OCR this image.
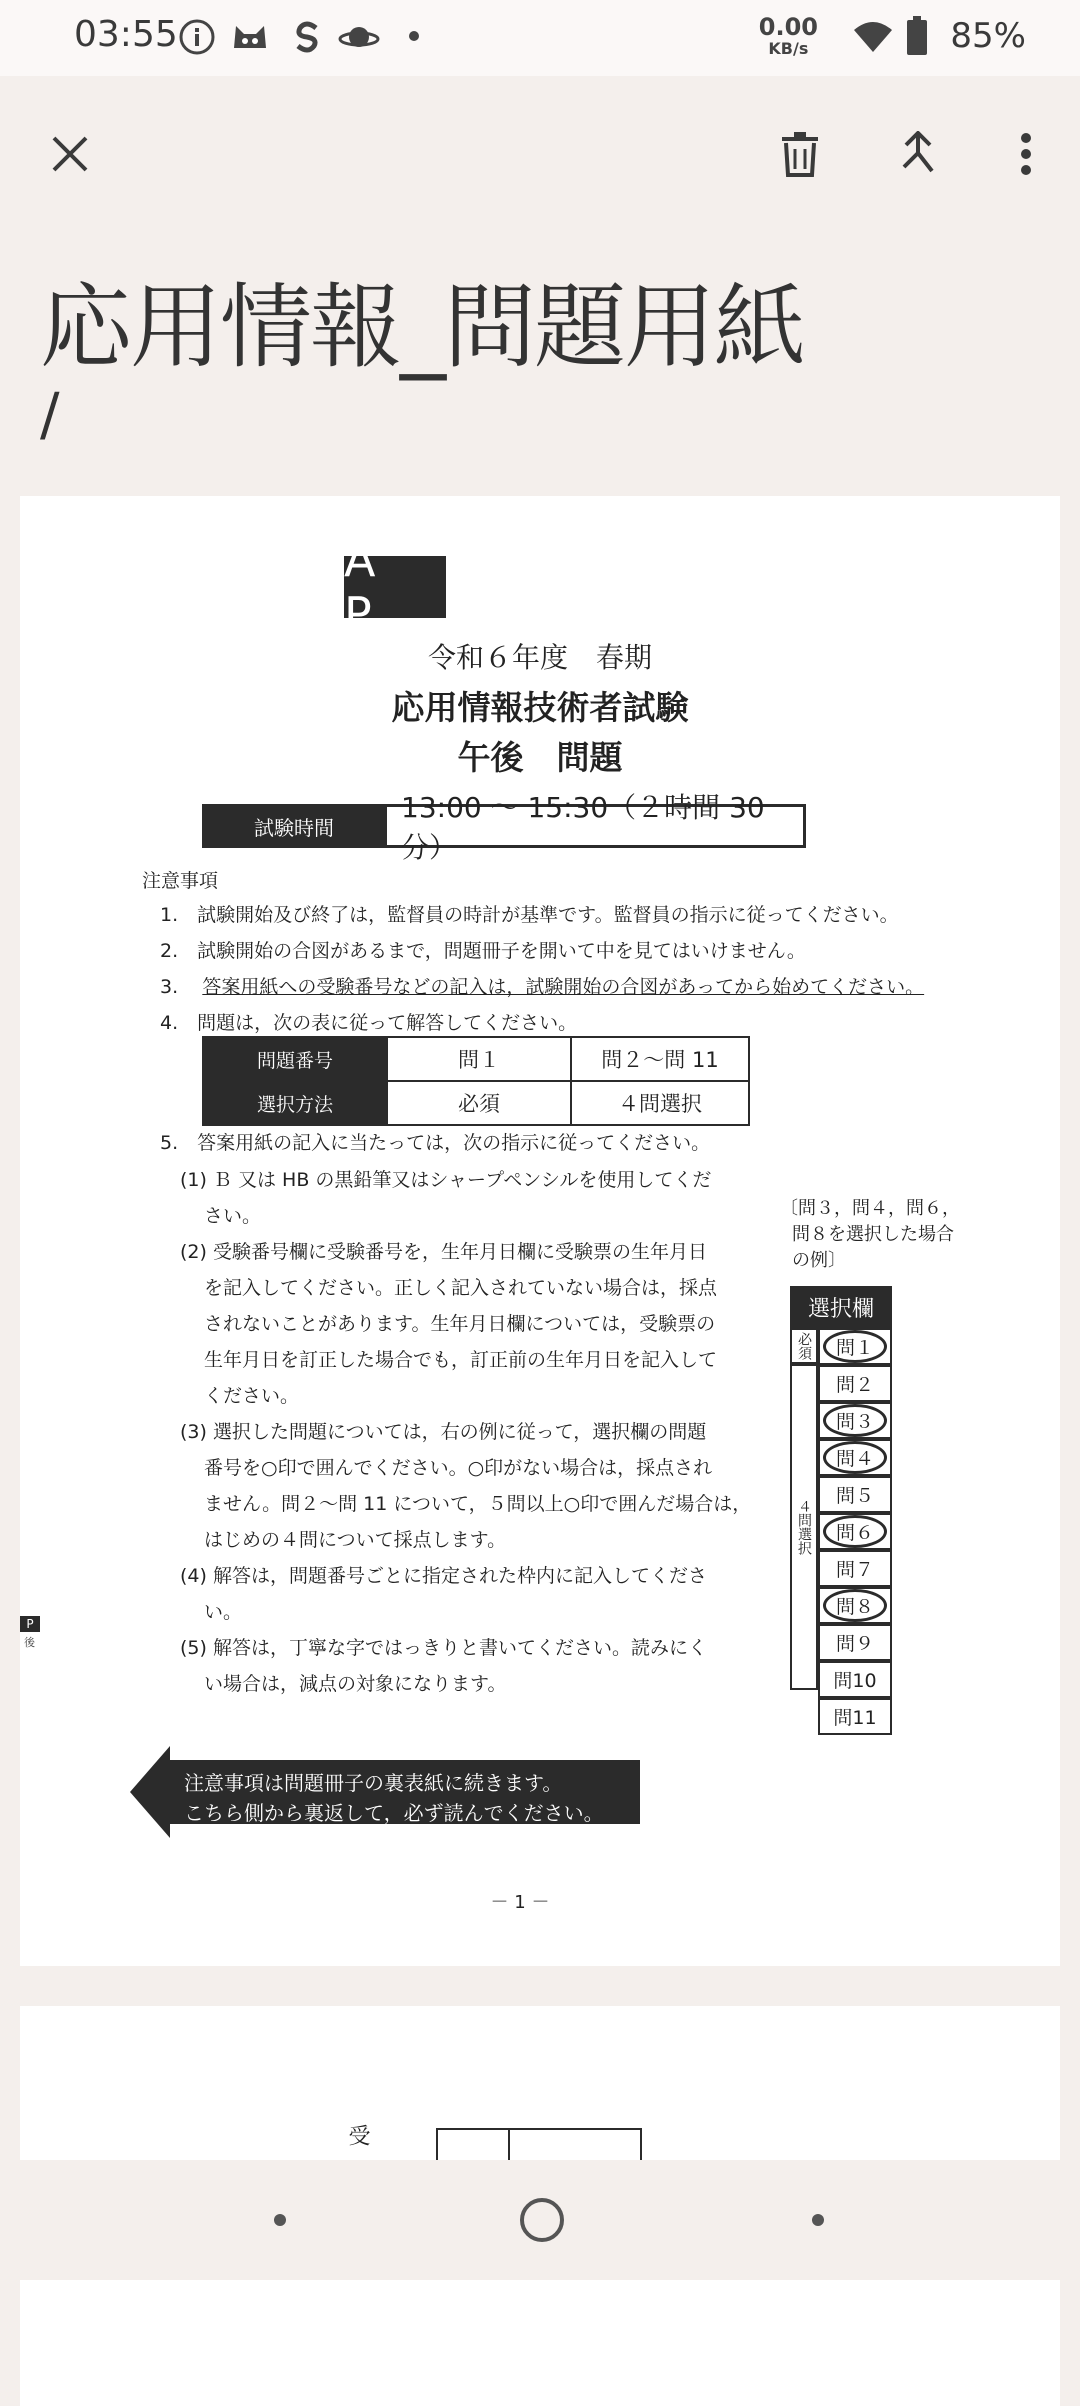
03:55	0.00
KB/s	85%
応用情報_問題用紙
/
A P
令和６年度　春期
応用情報技術者試験
午後　問題
試験時間
13:00 ～ 15:30（２時間 30 分）
注意事項
1.　試験開始及び終了は，監督員の時計が基準です。監督員の指示に従ってください。
2.　試験開始の合図があるまで，問題冊子を開いて中を見てはいけません。
3. 答案用紙への受験番号などの記入は，試験開始の合図があってから始めてください。
4.　問題は，次の表に従って解答してください。
問題番号	問１	問２～問 11
選択方法	必須	４問選択
5.　答案用紙の記入に当たっては，次の指示に従ってください。
(1) Ｂ 又は HB の黒鉛筆又はシャープペンシルを使用してくだ
さい。
(2) 受験番号欄に受験番号を，生年月日欄に受験票の生年月日
を記入してください。正しく記入されていない場合は，採点
されないことがあります。生年月日欄については，受験票の
生年月日を訂正した場合でも，訂正前の生年月日を記入して
ください。
(3) 選択した問題については，右の例に従って，選択欄の問題
番号を○印で囲んでください。○印がない場合は，採点され
ません。問２～問 11 について，５問以上○印で囲んだ場合は，
はじめの４問について採点します。
(4) 解答は，問題番号ごとに指定された枠内に記入してくださ
い。
(5) 解答は，丁寧な字ではっきりと書いてください。読みにく
い場合は，減点の対象になります。
〔問３，問４，問６，
問８を選択した場合
の例〕
選択欄
必須
４問選択
問１
問２
問３
問４
問５
問６
問７
問８
問９
問10
問11
P
後
注意事項は問題冊子の裏表紙に続きます。
こちら側から裏返して，必ず読んでください。
－ 1 －
受
